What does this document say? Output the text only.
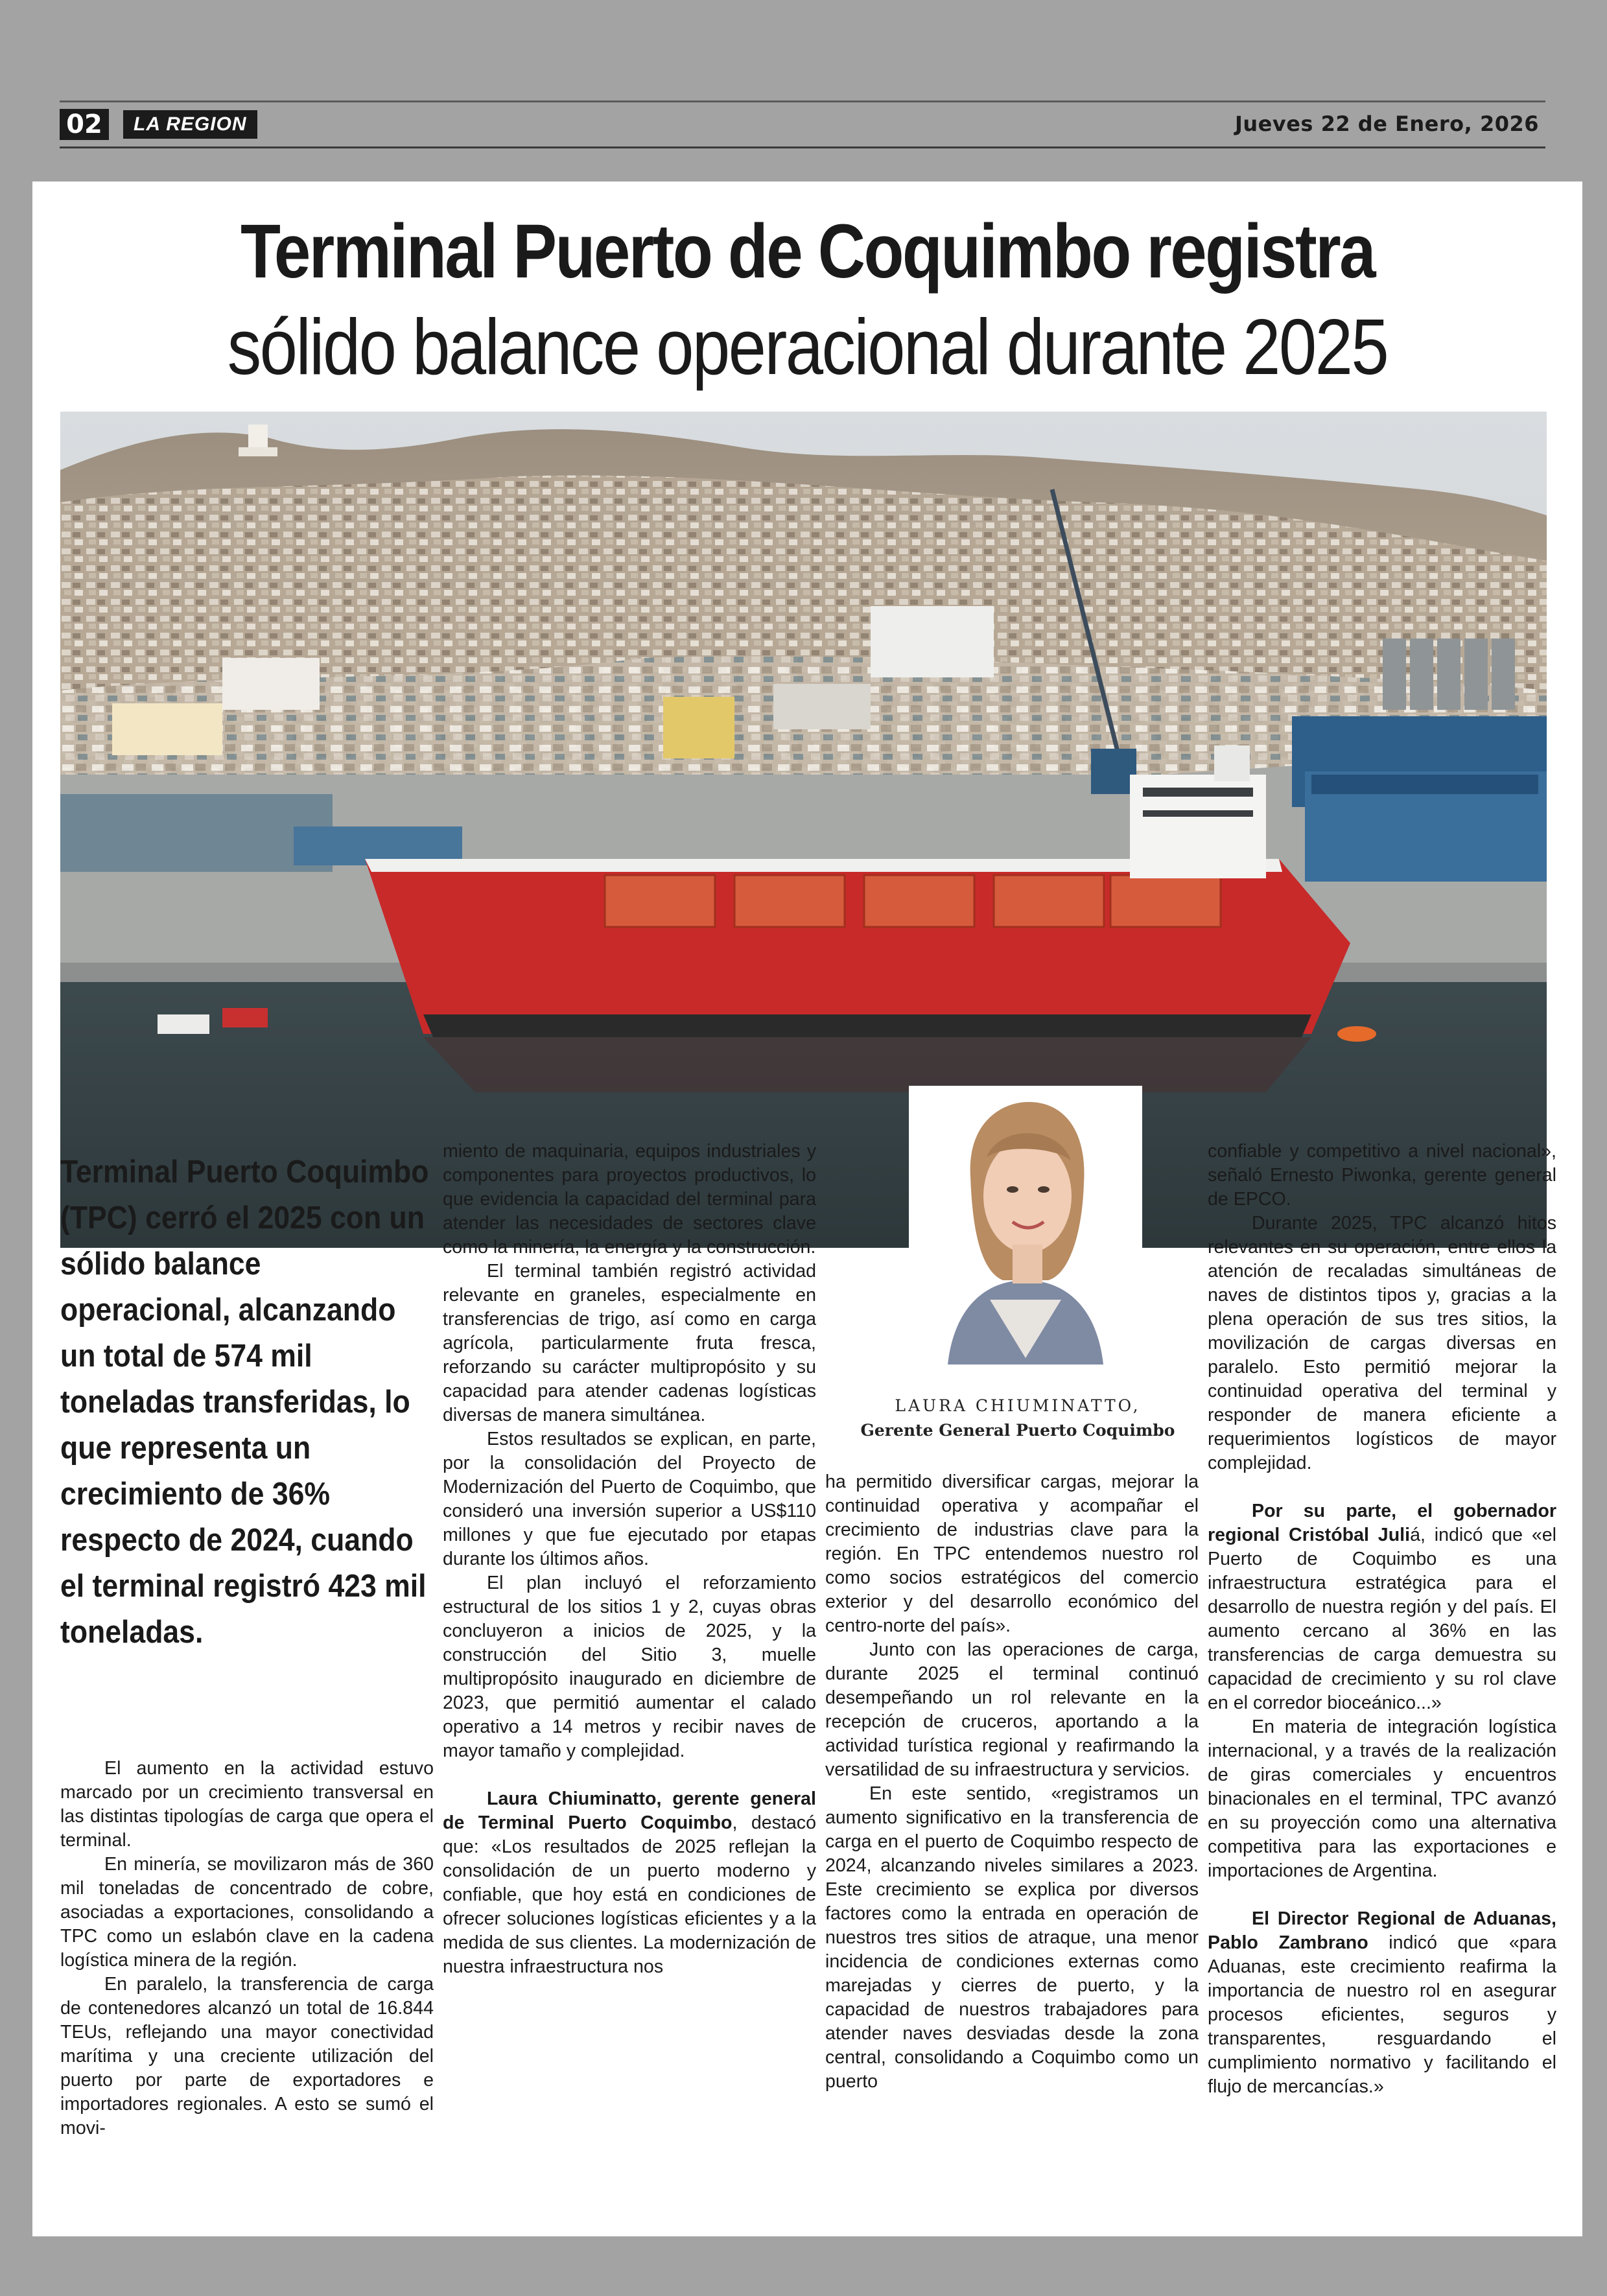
02	LA REGION	Jueves 22 de Enero, 2026
Terminal Puerto de Coquimbo registra
sólido balance operacional durante 2025
Terminal Puerto Coquimbo (TPC) cerró el 2025 con un sólido balance operacional, alcanzando un total de 574 mil toneladas transferidas, lo que representa un crecimiento de 36% respecto de 2024, cuando el terminal registró 423 mil toneladas.

El aumento en la actividad estuvo marcado por un crecimiento transversal en las distintas tipologías de carga que opera el terminal.

En minería, se movilizaron más de 360 mil toneladas de concentrado de cobre, asociadas a exportaciones, consolidando a TPC como un eslabón clave en la cadena logística minera de la región.

En paralelo, la transferencia de carga de contenedores alcanzó un total de 16.844 TEUs, reflejando una mayor conectividad marítima y una creciente utilización del puerto por parte de exportadores e importadores regionales. A esto se sumó el movi-

miento de maquinaria, equipos industriales y componentes para proyectos productivos, lo que evidencia la capacidad del terminal para atender las necesidades de sectores clave como la minería, la energía y la construcción.

El terminal también registró actividad relevante en graneles, especialmente en transferencias de trigo, así como en carga agrícola, particularmente fruta fresca, reforzando su carácter multipropósito y su capacidad para atender cadenas logísticas diversas de manera simultánea.

Estos resultados se explican, en parte, por la consolidación del Proyecto de Modernización del Puerto de Coquimbo, que consideró una inversión superior a US$110 millones y que fue ejecutado por etapas durante los últimos años.

El plan incluyó el reforzamiento estructural de los sitios 1 y 2, cuyas obras concluyeron a inicios de 2025, y la construcción del Sitio 3, muelle multipropósito inaugurado en diciembre de 2023, que permitió aumentar el calado operativo a 14 metros y recibir naves de mayor tamaño y complejidad.

Laura Chiuminatto, gerente general de Terminal Puerto Coquimbo, destacó que: «Los resultados de 2025 reflejan la consolidación de un puerto moderno y confiable, que hoy está en condiciones de ofrecer soluciones logísticas eficientes y a la medida de sus clientes. La modernización de nuestra infraestructura nos

LAURA CHIUMINATTO,
Gerente General Puerto Coquimbo

ha permitido diversificar cargas, mejorar la continuidad operativa y acompañar el crecimiento de industrias clave para la región. En TPC entendemos nuestro rol como socios estratégicos del comercio exterior y del desarrollo económico del centro-norte del país».

Junto con las operaciones de carga, durante 2025 el terminal continuó desempeñando un rol relevante en la recepción de cruceros, aportando a la actividad turística regional y reafirmando la versatilidad de su infraestructura y servicios.

En este sentido, «registramos un aumento significativo en la transferencia de carga en el puerto de Coquimbo respecto de 2024, alcanzando niveles similares a 2023. Este crecimiento se explica por diversos factores como la entrada en operación de nuestros tres sitios de atraque, una menor incidencia de condiciones externas como marejadas y cierres de puerto, y la capacidad de nuestros trabajadores para atender naves desviadas desde la zona central, consolidando a Coquimbo como un puerto

confiable y competitivo a nivel nacional», señaló Ernesto Piwonka, gerente general de EPCO.

Durante 2025, TPC alcanzó hitos relevantes en su operación, entre ellos la atención de recaladas simultáneas de naves de distintos tipos y, gracias a la plena operación de sus tres sitios, la movilización de cargas diversas en paralelo. Esto permitió mejorar la continuidad operativa del terminal y responder de manera eficiente a requerimientos logísticos de mayor complejidad.

Por su parte, el gobernador regional Cristóbal Juliá, indicó que «el Puerto de Coquimbo es una infraestructura estratégica para el desarrollo de nuestra región y del país. El aumento cercano al 36% en las transferencias de carga demuestra su capacidad de crecimiento y su rol clave en el corredor bioceánico...»

En materia de integración logística internacional, y a través de la realización de giras comerciales y encuentros binacionales en el terminal, TPC avanzó en su proyección como una alternativa competitiva para las exportaciones e importaciones de Argentina.

El Director Regional de Aduanas, Pablo Zambrano indicó que «para Aduanas, este crecimiento reafirma la importancia de nuestro rol en asegurar procesos eficientes, seguros y transparentes, resguardando el cumplimiento normativo y facilitando el flujo de mercancías.»
